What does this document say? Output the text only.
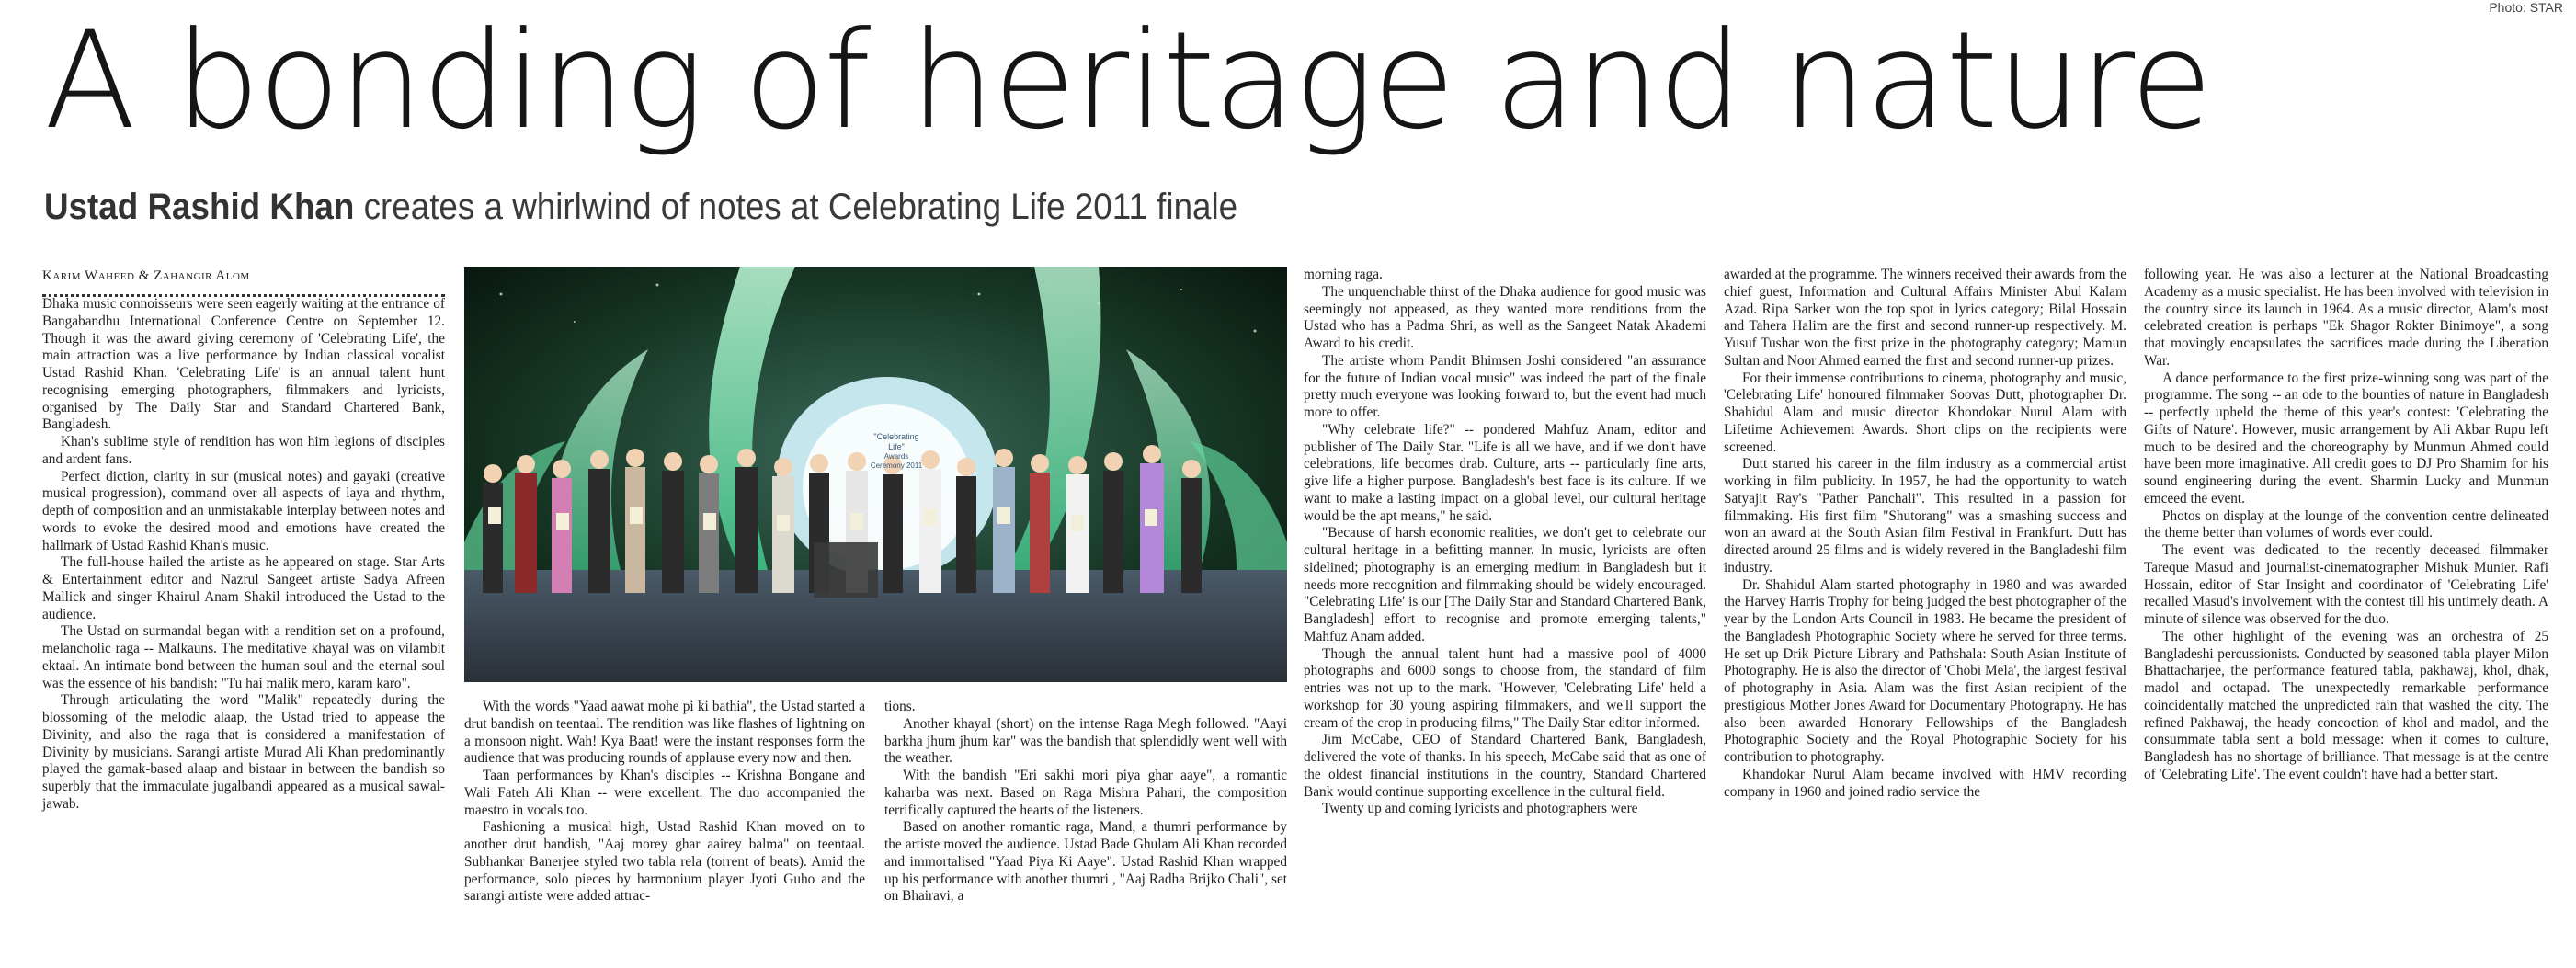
Photo: STAR
A bonding of heritage and nature
Ustad Rashid Khan creates a whirlwind of notes at Celebrating Life 2011 finale
Karim Waheed & Zahangir Alom

Dhaka music connoisseurs were seen eagerly waiting at the entrance of Bangabandhu International Conference Centre on September 12. Though it was the award giving ceremony of 'Celebrating Life', the main attraction was a live performance by Indian classical vocalist Ustad Rashid Khan. 'Celebrating Life' is an annual talent hunt recognising emerging photographers, filmmakers and lyricists, organised by The Daily Star and Standard Chartered Bank, Bangladesh.

Khan's sublime style of rendition has won him legions of disciples and ardent fans.

Perfect diction, clarity in sur (musical notes) and gayaki (creative musical progression), command over all aspects of laya and rhythm, depth of composition and an unmistakable interplay between notes and words to evoke the desired mood and emotions have created the hallmark of Ustad Rashid Khan's music.

The full-house hailed the artiste as he appeared on stage. Star Arts & Entertainment editor and Nazrul Sangeet artiste Sadya Afreen Mallick and singer Khairul Anam Shakil introduced the Ustad to the audience.

The Ustad on surmandal began with a rendition set on a profound, melancholic raga -- Malkauns. The meditative khayal was on vilambit ektaal. An intimate bond between the human soul and the eternal soul was the essence of his bandish: "Tu hai malik mero, karam karo".

Through articulating the word "Malik" repeatedly during the blossoming of the melodic alaap, the Ustad tried to appease the Divinity, and also the raga that is considered a manifestation of Divinity by musicians. Sarangi artiste Murad Ali Khan predominantly played the gamak-based alaap and bistaar in between the bandish so superbly that the immaculate jugalbandi appeared as a musical sawal-jawab.

"Celebrating Life"
Awards Ceremony 2011

With the words "Yaad aawat mohe pi ki bathia", the Ustad started a drut bandish on teentaal. The rendition was like flashes of lightning on a monsoon night. Wah! Kya Baat! were the instant responses form the audience that was producing rounds of applause every now and then.

Taan performances by Khan's disciples -- Krishna Bongane and Wali Fateh Ali Khan -- were excellent. The duo accompanied the maestro in vocals too.

Fashioning a musical high, Ustad Rashid Khan moved on to another drut bandish, "Aaj morey ghar aairey balma" on teentaal. Subhankar Banerjee styled two tabla rela (torrent of beats). Amid the performance, solo pieces by harmonium player Jyoti Guho and the sarangi artiste were added attrac-

tions.

Another khayal (short) on the intense Raga Megh followed. "Aayi barkha jhum jhum kar" was the bandish that splendidly went well with the weather.

With the bandish "Eri sakhi mori piya ghar aaye", a romantic kaharba was next. Based on Raga Mishra Pahari, the composition terrifically captured the hearts of the listeners.

Based on another romantic raga, Mand, a thumri performance by the artiste moved the audience. Ustad Bade Ghulam Ali Khan recorded and immortalised "Yaad Piya Ki Aaye". Ustad Rashid Khan wrapped up his performance with another thumri , "Aaj Radha Brijko Chali", set on Bhairavi, a

morning raga.

The unquenchable thirst of the Dhaka audience for good music was seemingly not appeased, as they wanted more renditions from the Ustad who has a Padma Shri, as well as the Sangeet Natak Akademi Award to his credit.

The artiste whom Pandit Bhimsen Joshi considered "an assurance for the future of Indian vocal music" was indeed the part of the finale pretty much everyone was looking forward to, but the event had much more to offer.

"Why celebrate life?" -- pondered Mahfuz Anam, editor and publisher of The Daily Star. "Life is all we have, and if we don't have celebrations, life becomes drab. Culture, arts -- particularly fine arts, give life a higher purpose. Bangladesh's best face is its culture. If we want to make a lasting impact on a global level, our cultural heritage would be the apt means," he said.

"Because of harsh economic realities, we don't get to celebrate our cultural heritage in a befitting manner. In music, lyricists are often sidelined; photography is an emerging medium in Bangladesh but it needs more recognition and filmmaking should be widely encouraged. "Celebrating Life' is our [The Daily Star and Standard Chartered Bank, Bangladesh] effort to recognise and promote emerging talents," Mahfuz Anam added.

Though the annual talent hunt had a massive pool of 4000 photographs and 6000 songs to choose from, the standard of film entries was not up to the mark. "However, 'Celebrating Life' held a workshop for 30 young aspiring filmmakers, and we'll support the cream of the crop in producing films," The Daily Star editor informed.

Jim McCabe, CEO of Standard Chartered Bank, Bangladesh, delivered the vote of thanks. In his speech, McCabe said that as one of the oldest financial institutions in the country, Standard Chartered Bank would continue supporting excellence in the cultural field.

Twenty up and coming lyricists and photographers were

awarded at the programme. The winners received their awards from the chief guest, Information and Cultural Affairs Minister Abul Kalam Azad. Ripa Sarker won the top spot in lyrics category; Bilal Hossain and Tahera Halim are the first and second runner-up respectively. M. Yusuf Tushar won the first prize in the photography category; Mamun Sultan and Noor Ahmed earned the first and second runner-up prizes.

For their immense contributions to cinema, photography and music, 'Celebrating Life' honoured filmmaker Soovas Dutt, photographer Dr. Shahidul Alam and music director Khondokar Nurul Alam with Lifetime Achievement Awards. Short clips on the recipients were screened.

Dutt started his career in the film industry as a commercial artist working in film publicity. In 1957, he had the opportunity to watch Satyajit Ray's "Pather Panchali". This resulted in a passion for filmmaking. His first film "Shutorang" was a smashing success and won an award at the South Asian film Festival in Frankfurt. Dutt has directed around 25 films and is widely revered in the Bangladeshi film industry.

Dr. Shahidul Alam started photography in 1980 and was awarded the Harvey Harris Trophy for being judged the best photographer of the year by the London Arts Council in 1983. He became the president of the Bangladesh Photographic Society where he served for three terms. He set up Drik Picture Library and Pathshala: South Asian Institute of Photography. He is also the director of 'Chobi Mela', the largest festival of photography in Asia. Alam was the first Asian recipient of the prestigious Mother Jones Award for Documentary Photography. He has also been awarded Honorary Fellowships of the Bangladesh Photographic Society and the Royal Photographic Society for his contribution to photography.

Khandokar Nurul Alam became involved with HMV recording company in 1960 and joined radio service the

following year. He was also a lecturer at the National Broadcasting Academy as a music specialist. He has been involved with television in the country since its launch in 1964. As a music director, Alam's most celebrated creation is perhaps "Ek Shagor Rokter Binimoye", a song that movingly encapsulates the sacrifices made during the Liberation War.

A dance performance to the first prize-winning song was part of the programme. The song -- an ode to the bounties of nature in Bangladesh -- perfectly upheld the theme of this year's contest: 'Celebrating the Gifts of Nature'. However, music arrangement by Ali Akbar Rupu left much to be desired and the choreography by Munmun Ahmed could have been more imaginative. All credit goes to DJ Pro Shamim for his sound engineering during the event. Sharmin Lucky and Munmun emceed the event.

Photos on display at the lounge of the convention centre delineated the theme better than volumes of words ever could.

The event was dedicated to the recently deceased filmmaker Tareque Masud and journalist-cinematographer Mishuk Munier. Rafi Hossain, editor of Star Insight and coordinator of 'Celebrating Life' recalled Masud's involvement with the contest till his untimely death. A minute of silence was observed for the duo.

The other highlight of the evening was an orchestra of 25 Bangladeshi percussionists. Conducted by seasoned tabla player Milon Bhattacharjee, the performance featured tabla, pakhawaj, khol, dhak, madol and octapad. The unexpectedly remarkable performance coincidentally matched the unpredicted rain that washed the city. The refined Pakhawaj, the heady concoction of khol and madol, and the consummate tabla sent a bold message: when it comes to culture, Bangladesh has no shortage of brilliance. That message is at the centre of 'Celebrating Life'. The event couldn't have had a better start.
